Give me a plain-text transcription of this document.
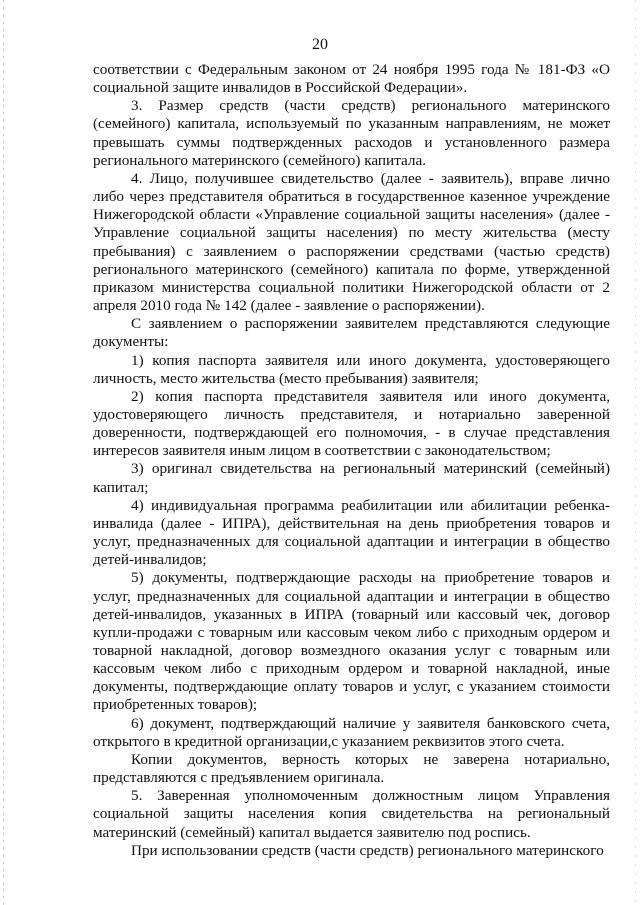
20

соответствии с Федеральным законом от 24 ноября 1995 года № 181-ФЗ «О социальной защите инвалидов в Российской Федерации».

3. Размер средств (части средств) регионального материнского (семейного) капитала, используемый по указанным направлениям, не может превышать суммы подтвержденных расходов и установленного размера регионального материнского (семейного) капитала.

4. Лицо, получившее свидетельство (далее - заявитель), вправе лично либо через представителя обратиться в государственное казенное учреждение Нижегородской области «Управление социальной защиты населения» (далее - Управление социальной защиты населения) по месту жительства (месту пребывания) с заявлением о распоряжении средствами (частью средств) регионального материнского (семейного) капитала по форме, утвержденной приказом министерства социальной политики Нижегородской области от 2 апреля 2010 года № 142 (далее - заявление о распоряжении).

С заявлением о распоряжении заявителем представляются следующие документы:

1) копия паспорта заявителя или иного документа, удостоверяющего личность, место жительства (место пребывания) заявителя;

2) копия паспорта представителя заявителя или иного документа, удостоверяющего личность представителя, и нотариально заверенной доверенности, подтверждающей его полномочия, - в случае представления интересов заявителя иным лицом в соответствии с законодательством;

3) оригинал свидетельства на региональный материнский (семейный) капитал;

4) индивидуальная программа реабилитации или абилитации ребенка-инвалида (далее - ИПРА), действительная на день приобретения товаров и услуг, предназначенных для социальной адаптации и интеграции в общество детей-инвалидов;

5) документы, подтверждающие расходы на приобретение товаров и услуг, предназначенных для социальной адаптации и интеграции в общество детей-инвалидов, указанных в ИПРА (товарный или кассовый чек, договор купли-продажи с товарным или кассовым чеком либо с приходным ордером и товарной накладной, договор возмездного оказания услуг с товарным или кассовым чеком либо с приходным ордером и товарной накладной, иные документы, подтверждающие оплату товаров и услуг, с указанием стоимости приобретенных товаров);

6) документ, подтверждающий наличие у заявителя банковского счета, открытого в кредитной организации,с указанием реквизитов этого счета.

Копии документов, верность которых не заверена нотариально, представляются с предъявлением оригинала.

5. Заверенная уполномоченным должностным лицом Управления социальной защиты населения копия свидетельства на региональный материнский (семейный) капитал выдается заявителю под роспись.

При использовании средств (части средств) регионального материнского
